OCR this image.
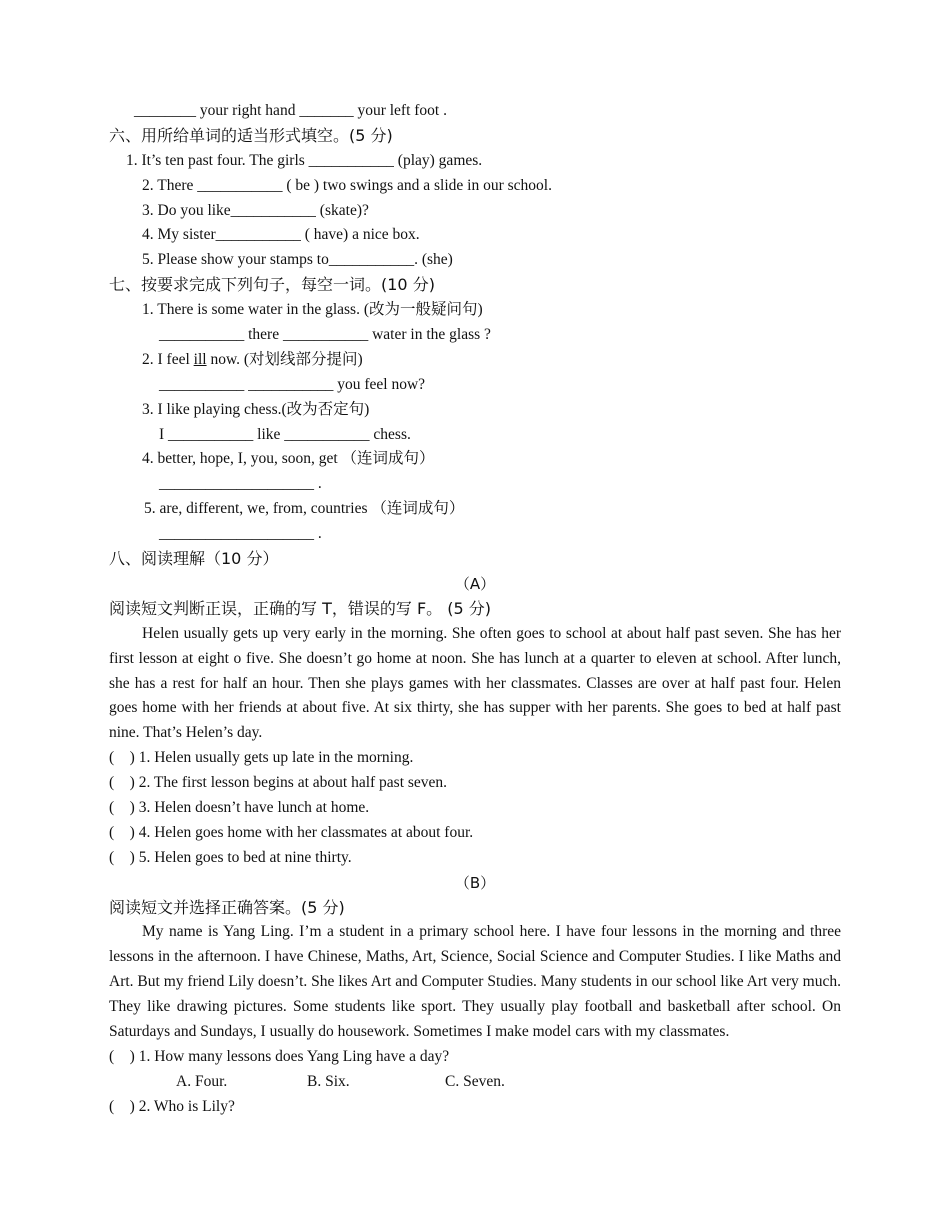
________ your right hand _______ your left foot .
六、用所给单词的适当形式填空。(5 分)
1. It’s ten past four. The girls ___________ (play) games.
2. There ___________ ( be ) two swings and a slide in our school.
3. Do you like___________ (skate)?
4. My sister___________ ( have) a nice box.
5. Please show your stamps to___________. (she)
七、按要求完成下列句子，每空一词。(10 分)
1. There is some water in the glass. (改为一般疑问句)
___________ there ___________ water in the glass ?
2. I feel ill now. (对划线部分提问)
___________ ___________ you feel now?
3. I like playing chess.(改为否定句)
I ___________ like ___________ chess.
4. better, hope, I, you, soon, get （连词成句）
____________________ .
5. are, different, we, from, countries （连词成句）
____________________ .
八、阅读理解（10 分）
（A）
阅读短文判断正误，正确的写 T，错误的写 F。 (5 分)
Helen usually gets up very early in the morning. She often goes to school at about half past seven. She has her first lesson at eight o five. She doesn’t go home at noon. She has lunch at a quarter to eleven at school. After lunch, she has a rest for half an hour. Then she plays games with her classmates. Classes are over at half past four. Helen goes home with her friends at about five. At six thirty, she has supper with her parents. She goes to bed at half past nine. That’s Helen’s day.
(    ) 1. Helen usually gets up late in the morning.
(    ) 2. The first lesson begins at about half past seven.
(    ) 3. Helen doesn’t have lunch at home.
(    ) 4. Helen goes home with her classmates at about four.
(    ) 5. Helen goes to bed at nine thirty.
（B）
阅读短文并选择正确答案。(5 分)
My name is Yang Ling. I’m a student in a primary school here. I have four lessons in the morning and three lessons in the afternoon. I have Chinese, Maths, Art, Science, Social Science and Computer Studies. I like Maths and Art. But my friend Lily doesn’t. She likes Art and Computer Studies. Many students in our school like Art very much. They like drawing pictures. Some students like sport. They usually play football and basketball after school. On Saturdays and Sundays, I usually do housework. Sometimes I make model cars with my classmates.
(    ) 1. How many lessons does Yang Ling have a day?
A. Four.	B. Six.	C. Seven.
(    ) 2. Who is Lily?
